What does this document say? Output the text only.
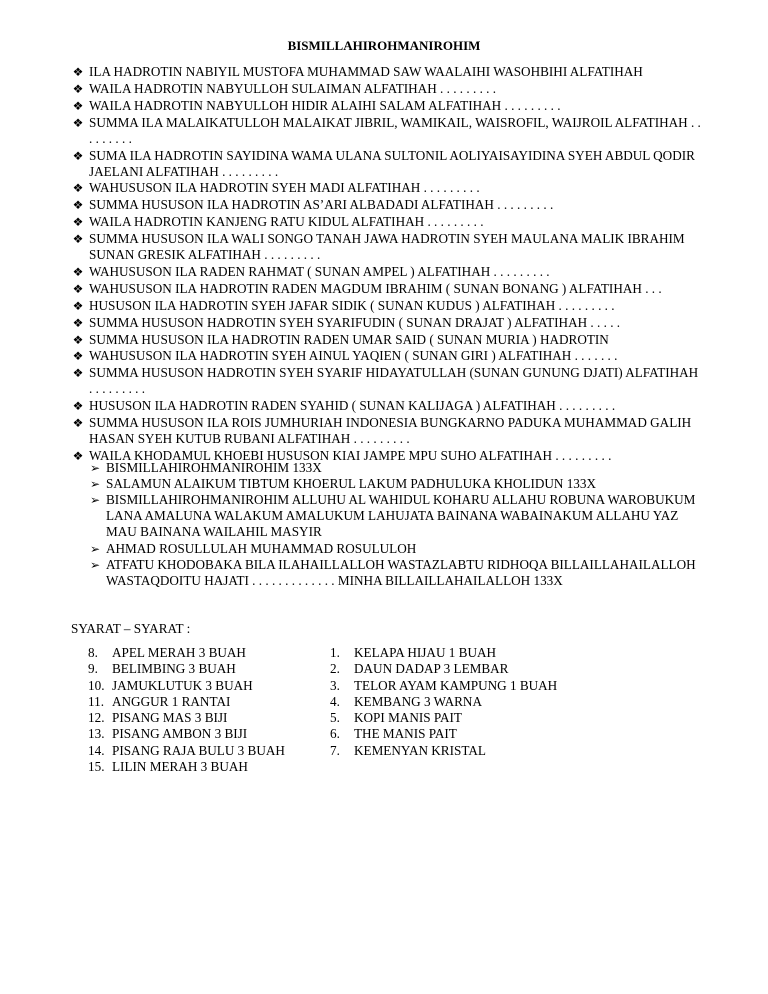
BISMILLAHIROHMANIROHIM
❖ ILA HADROTIN NABIYIL MUSTOFA MUHAMMAD SAW WAALAIHI WASOHBIHI ALFATIHAH
❖ WAILA HADROTIN NABYULLOH SULAIMAN ALFATIHAH . . . . . . . . .
❖ WAILA HADROTIN NABYULLOH HIDIR ALAIHI SALAM ALFATIHAH . . . . . . . . .
❖ SUMMA ILA MALAIKATULLOH MALAIKAT JIBRIL, WAMIKAIL, WAISROFIL, WAIJROIL ALFATIHAH . . . . . . . . .
❖ SUMA ILA HADROTIN SAYIDINA WAMA ULANA SULTONIL AOLIYAISAYIDINA SYEH ABDUL QODIR JAELANI ALFATIHAH . . . . . . . . .
❖ WAHUSUSON ILA HADROTIN SYEH MADI ALFATIHAH . . . . . . . . .
❖ SUMMA HUSUSON ILA HADROTIN AS’ARI ALBADADI ALFATIHAH . . . . . . . . .
❖ WAILA HADROTIN KANJENG RATU KIDUL ALFATIHAH . . . . . . . . .
❖ SUMMA HUSUSON ILA WALI SONGO TANAH JAWA HADROTIN SYEH MAULANA MALIK IBRAHIM SUNAN GRESIK ALFATIHAH . . . . . . . . .
❖ WAHUSUSON ILA RADEN RAHMAT ( SUNAN AMPEL ) ALFATIHAH . . . . . . . . .
❖ WAHUSUSON ILA HADROTIN RADEN MAGDUM IBRAHIM ( SUNAN BONANG ) ALFATIHAH . . .
❖ HUSUSON ILA HADROTIN SYEH JAFAR SIDIK ( SUNAN KUDUS ) ALFATIHAH . . . . . . . . .
❖ SUMMA HUSUSON HADROTIN SYEH SYARIFUDIN ( SUNAN DRAJAT ) ALFATIHAH . . . . .
❖ SUMMA HUSUSON ILA HADROTIN RADEN UMAR SAID ( SUNAN MURIA ) HADROTIN
❖ WAHUSUSON ILA HADROTIN SYEH AINUL YAQIEN ( SUNAN GIRI ) ALFATIHAH . . . . . . .
❖ SUMMA HUSUSON HADROTIN SYEH SYARIF HIDAYATULLAH (SUNAN GUNUNG DJATI) ALFATIHAH . . . . . . . . .
❖ HUSUSON ILA HADROTIN RADEN SYAHID ( SUNAN KALIJAGA ) ALFATIHAH . . . . . . . . .
❖ SUMMA HUSUSON ILA ROIS JUMHURIAH INDONESIA BUNGKARNO PADUKA MUHAMMAD GALIH HASAN SYEH KUTUB RUBANI ALFATIHAH . . . . . . . . .
❖ WAILA KHODAMUL KHOEBI HUSUSON KIAI JAMPE MPU SUHO ALFATIHAH . . . . . . . . .
➢ BISMILLAHIROHMANIROHIM 133X
➢ SALAMUN ALAIKUM TIBTUM KHOERUL LAKUM PADHULUKA KHOLIDUN 133X
➢ BISMILLAHIROHMANIROHIM ALLUHU AL WAHIDUL KOHARU ALLAHU ROBUNA WAROBUKUM LANA AMALUNA WALAKUM AMALUKUM LAHUJATA BAINANA WABAINAKUM ALLAHU YAZ MAU BAINANA WAILAHIL MASYIR
➢ AHMAD ROSULLULAH MUHAMMAD ROSULULOH
➢ ATFATU KHODOBAKA BILA ILAHAILLALLOH WASTAZLABTU RIDHOQA BILLAILLAHAILALLOH WASTAQDOITU HAJATI . . . . . . . . . . . . . MINHA BILLAILLAHAILALLOH 133X
SYARAT – SYARAT :
8.	APEL MERAH 3 BUAH
9.	BELIMBING 3 BUAH
10. JAMUKLUTUK 3 BUAH
11. ANGGUR 1 RANTAI
12. PISANG MAS 3 BIJI
13. PISANG AMBON 3 BIJI
14. PISANG RAJA BULU 3 BUAH
15. LILIN MERAH 3 BUAH
1.	KELAPA HIJAU 1 BUAH
2.	DAUN DADAP 3 LEMBAR
3.	TELOR AYAM KAMPUNG 1 BUAH
4.	KEMBANG 3 WARNA
5.	KOPI MANIS PAIT
6.	THE MANIS PAIT
7.	KEMENYAN KRISTAL
